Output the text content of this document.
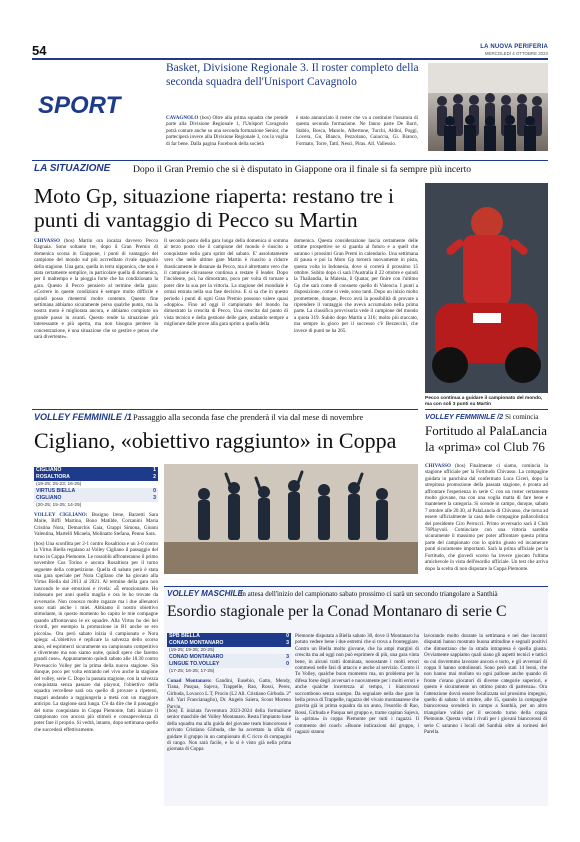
54	LA NUOVA PERIFERIA
MERCOLEDÌ 4 OTTOBRE 2023
SPORT
Basket, Divisione Regionale 3. Il roster completo della seconda squadra dell'Unisport Cavagnolo
CAVAGNOLO (bos) Oltre alla prima squadra che prende parte alla Divisione Regionale 1, l'Unisport Cavagnolo potrà contare anche su una seconda formazione Senior, che parteciperà invece alla Divisione Regionale 3, cos la voglia di far bene. Dalla pagina Facebook della società
è stato annunciato il roster che va a costituire l'ossatura di questa seconda formazione. Ne fanno parte De Barri, Stabio, Bosca, Manolo, Albertone, Turchi, Aldini, Poggi, Lovera, Gu, Blanco, Pezzolano, Gaiaccia, Gi. Bianco, Formato, Torre, Tatti, Nesci, Piras. All. Vallessio.
LA SITUAZIONE Dopo il Gran Premio che si è disputato in Giappone ora il finale si fa sempre più incerto
Moto Gp, situazione riaperta: restano tre i punti di vantaggio di Pecco su Martin
CHIVASSO (bos) Martin ora incalza davvero Pecco Bagnaia. Sono soltanto tre, dopo il Gran Premio di domenica scorsa in Giappone, i punti di vantaggio del campione del mondo sul più accreditato rivale spagnolo della stagione. Una gara, quella in terra nipponica, che non è stata certamente semplice, in particolare quella di domenica, per il maltempo e la pioggia forte che ha condizionato la gara. Questo il Pecco pensiero al termine della gara: «Correre in queste condizioni è sempre molto difficile e quindi posso ritenermi molto contento. Questo fine settimana abbiamo sicuramente perso qualche punto, ma la nostra moto è migliorata ancora, e abbiamo compiuto un grande passo in avanti. Questo rende la situazione più interessante e più aperta, ma non bisogna perdere la concentrazione, è una situazione che so gestire e penso che sarà divertente».
Il secondo posto della gara lunga della domenica si somma al terzo posto che il campione del mondo è riuscito a conquistare nella gara sprint del sabato. E' assolutamente vero che nelle ultime gare Martin è riuscito a ridurre drasticamente le distanze da Pecco, ma è altrettanto vero che il campione chivassese continua a restare il leader. Dopo l'incidente, poi, ha dimostrato, poco per volta di tornare a poter dire la sua per la vittoria. La stagione del mondiale è ormai entrata nella sua fase decisiva. E si sa che in questo periodo i punti di ogni Gran Premio possono valere quasi «doppio». Fino ad oggi il campionato del mondo ha dimostrato la crescita di Pecco. Una crescita dal punto di vista tecnico e della gestione delle gare, andando sempre a migliorare dalle prove alla gara sprint a quella della
domenica. Questa considerazione lascia certamente delle ottime prospettive se si guarda al futuro e a quell che saranno i prossimi Gran Premi in calendario. Una settimana di pausa e poi la Moto Gp tornerà nuovamente in pista, questa volta in Indonesia, dove si correrà il prossimo 15 ottobre. Subito dopo ci sarà l'Australia il 22 ottobre e quindi la Thailandia, la Malesia, il Quatar, per finire con l'ultimo Gp che sarà come di consueto quello di Valencia. I punti a disposizione, come si vede, sono tanti. Dopo un inizio molto promettente, dunque, Pecco avrà la possibilità di provare a riprendere il vantaggio che aveva accumulato nella prima parte. La classifica provvisoria vede il campione del mondo a quota 319. Subito dopo Martin a 316; molto più staccato, ma sempre in gioco per il successo c'è Bezzecchi, che invece di punti ne ha 265.
Pecco continua a guidare il campionato del mondo, ma con soli 3 punti su Martin
VOLLEY FEMMINILE /1 Passaggio alla seconda fase che prenderà il via dal mese di novembre
Cigliano, «obiettivo raggiunto» in Coppa
CIGLIANO	1
ROSALTIORA	2
(19-25; 25-23; 16-25)
VIRTUS BIELLA	0
CIGLIANO	3
(20-25; 15-25; 14-25)
VOLLEY CIGLIANO: Busigno Irene, Barzetti Sara Marie, Biffi Martina, Bono Matilde, Corzanini Maria Cristina Nora, Demarchis Gaia, Grappi Simona, Giunni Valentina, Martelli Micaela, Molinatto Stefana, Penno Sara.
(bos) Una sconfitta per 2-1 contro Rosaltiora e un 3-0 contro la Virtus Biella regalano al Volley Cigliano il passaggio del turno in Coppa Piemonte. Le rossoblù affronteranno il primo novembre Cus Torino e ancora Rosaltiora per il turno seguente della competizione. Quella di sabato però è stata una gara speciale per Nora Cigliano che ha giocato alla Virtus Biella dal 2013 al 2021. Al termine della gara non nascondo le sue emozioni e rivela: «È emozionante. Ho indossato per anni quella maglia e ora le ho trovate da avversarie. Non conosco molte ragazze ma i due allenatori sono stati anche i miei. Abbiamo il nostro obiettivo stimolante, in questo momento ho capito le mie compagne quando affrontavano le ex squadre. Alla Virtus ho dei bei ricordi, per esempio la promozione in B1 anche se ero piccola». Ora però sabato inizia il campionato e Nora spiega: «L'obiettivo è replicare la salvezza dello scorso anno, ed esprimerci sicuramente un campionato competitivo e divertente ma non siamo unite, quindi spero che faremo grandi cose». Appuntamento quindi sabato alle 18.30 contro Pavesaccio Volley per la prima della nuova stagione. Sin dunque, poco per volta entrando nel vivo anche la stagione del volley, serie C. Dopo la passata stagione, con la salvezza conquistata senza passare dai playout, l'obiettivo della squadra vercellese sarà ora quello di provare a ripetersi, magari andando a raggiungerla a metà con un maggiore anticipo. La stagione sarà lunga. C'è da dire che il passaggio del turno conquistato in Coppa Piemonte, fatti iniziare il campionato con ancora più stimoli e consapevolezza di poter fare il proprio. Si vedrà, intanto, dopo settimana quello che succederà effettivamente.
VOLLEY FEMMINILE /2 Si comincia
Fortitudo al PalaLancia la «prima» col Club 76
CHIVASSO (bos) Finalmente ci siamo, comincia la stagione ufficiale per la Fortitudo Chivasso. La compagine guidata in panchina dal confermato Luca Ciceri, dopo la strepitosa promozione della passata stagione, è pronta ad affrontare l'esperienza in serie C con un roster certamente molto giovane, ma con una voglia matta di fare bene e mantenere la categoria. Si scende in campo, dunque, sabato 7 ottobre alle 20.30, al PalaLancia di Chivasso, che torna ad essere ufficialmente la casa delle compagine pallavolistica del presidente Ciro Perrucci. Primo avversario sarà il Club 76Playvoli. Cominciare con una vittoria sarebbe sicuramente il massimo per poter affrontare questa prima parte del campionato con lo spirito giusto ed incamerare punti sicuramente importanti. Sarà la prima ufficiale per la Fortitudo, che giovedì scorso ha invece giocato l'ultima amichevole in vista dell'esordio ufficiale. Un test che arriva dopo la scelta di non disputare la Coppa Piemonte.
VOLLEY MASCHILE
In attesa dell'inizio del campionato sabato prossimo ci sarà un secondo triangolare a Santhià
Esordio stagionale per la Conad Montanaro di serie C
SPB BIELLA	0
CONAD MONTANARO	3
(19-25; 19-25; 20-25)
CONAD MONTANARO	3
LINGUE TO.VOLLEY	0
(17-25; 16-25; 17-25)
Conad Montanaro: Gandini, Eusebio, Gatto, Mendy, Tiana, Pasqua, Sajeva, Trappelle, Rao, Rossi, Perez, Girbuda, Lovacco L.T, Procin (L2 All. Cristiano Girbuda. 2° All. Yari Francianaglio), Dr. Angelo Saiera, Scout Moreno Parvin.
(bos) È iniziata l'avventura 2023-2024 della formazione senior maschile del Volley Montanaro. Resta l'impianto base della squadra ma alla guida del giovane team biancorosso è arrivato Cristiano Girbuda, che ha accettato la sfida di guidare il gruppo in un campionato di C ricco di compagini di rango. Non sarà facile, e lo si è visto già nella prima giornata di Coppa
Piemonte disputata a Biella sabato 30, dove il Montanaro ha potuto vedere bene i due estremi che si trova a fronteggiare. Contro un Biella molto giovane, che ha ampi margini di crescita ma ad oggi non può esprimere di più, una gara vinta bene, in alcuni tratti dominata, nonostante i molti errori commessi nelle fasi di attacco e anche al servizio. Contro il To Volley, qualche buon momento ma, un problema per la difesa forse degli avversari e nuovamente per i molti errori e anche qualche incertezza al tempo, i biancorossi soccombono senza scampo. Da segnalare nella due gare la bella prova di Trappelle, ragazzo del vivaio montanarese che gravita già in prima squadra da un anno, l'esordio di Rao, Rossi, Girbuda e Pasqua nel gruppo e, trame capitan Sajeva, la «prima» in coppa Piemonte per tutti i ragazzi. Il commento del coach: «Buone indicazioni dal gruppo, i ragazzi stanno
lavorando molto durante la settimana e nei due incontri disputati hanno mostrato buona attitudine e segnali positivi che dimostrano che la strada intrapresa è quella giusta. Ovviamente sappiamo quali siano gli aspetti tecnici e tattici su cui dovremmo lavorare ancora e torto, e gli avversari di coppa li hanno sottolineati. Sono però stati 14 leoni, che non hanno mai mollato su ogni pallone anche quando di fronte c'erano giocatori di diverse categorie superiori, e questo è sicuramente un ottimo punto di partenza». Ora l'attenzione dovrà essere focalizzata sul prossimo impegno, quello di sabato 14 ottobre, alle 15, quando la compagine biancorossa scenderà in campo a Santhià, per un altro triangolare valido per il secondo turno della coppa Piemonte. Questa volta i rivali per i giovani biancorossi di serie C saranno i locali del Santhià oltre ai torinesi del Parella.
